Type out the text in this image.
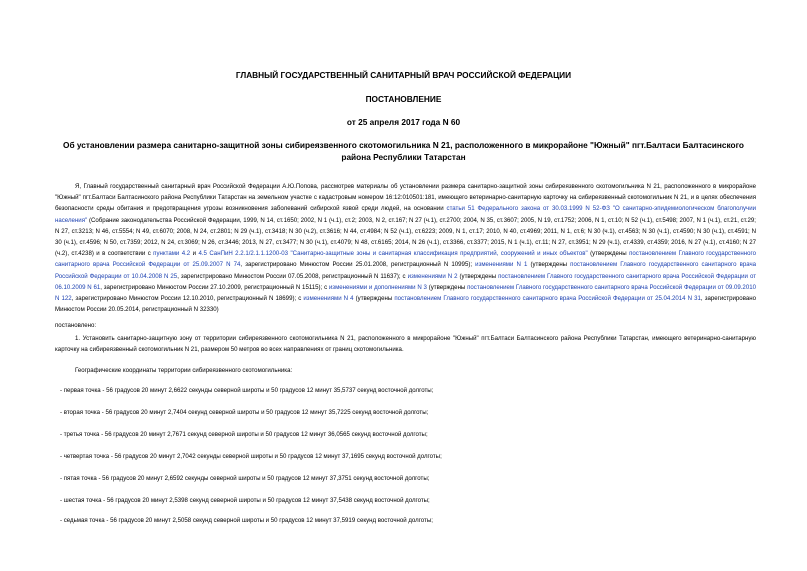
ГЛАВНЫЙ ГОСУДАРСТВЕННЫЙ САНИТАРНЫЙ ВРАЧ РОССИЙСКОЙ ФЕДЕРАЦИИ
ПОСТАНОВЛЕНИЕ
от 25 апреля 2017 года N 60
Об установлении размера санитарно-защитной зоны сибиреязвенного скотомогильника N 21, расположенного в микрорайоне "Южный" пгт.Балтаси Балтасинского района Республики Татарстан

Я, Главный государственный санитарный врач Российской Федерации А.Ю.Попова, рассмотрев материалы об установлении размера санитарно-защитной зоны сибиреязвенного скотомогильника N 21, расположенного в микрорайоне "Южный" пгт.Балтаси Балтасинского района Республики Татарстан на земельном участке с кадастровым номером 16:12:010501:181, имеющего ветеринарно-санитарную карточку на сибиреязвенный скотомогильник N 21, и в целях обеспечения безопасности среды обитания и предотвращения угрозы возникновения заболеваний сибирской язвой среди людей, на основании статьи 51 Федерального закона от 30.03.1999 N 52-ФЗ "О санитарно-эпидемиологическом благополучии населения" (Собрание законодательства Российской Федерации, 1999, N 14, ст.1650; 2002, N 1 (ч.1), ст.2; 2003, N 2, ст.167; N 27 (ч.1), ст.2700; 2004, N 35, ст.3607; 2005, N 19, ст.1752; 2006, N 1, ст.10; N 52 (ч.1), ст.5498; 2007, N 1 (ч.1), ст.21, ст.29; N 27, ст.3213; N 46, ст.5554; N 49, ст.6070; 2008, N 24, ст.2801; N 29 (ч.1), ст.3418; N 30 (ч.2), ст.3616; N 44, ст.4984; N 52 (ч.1), ст.6223; 2009, N 1, ст.17; 2010, N 40, ст.4969; 2011, N 1, ст.6; N 30 (ч.1), ст.4563; N 30 (ч.1), ст.4590; N 30 (ч.1), ст.4591; N 30 (ч.1), ст.4596; N 50, ст.7359; 2012, N 24, ст.3069; N 26, ст.3446; 2013, N 27, ст.3477; N 30 (ч.1), ст.4079; N 48, ст.6165; 2014, N 26 (ч.1), ст.3366, ст.3377; 2015, N 1 (ч.1), ст.11; N 27, ст.3951; N 29 (ч.1), ст.4339, ст.4359; 2016, N 27 (ч.1), ст.4160; N 27 (ч.2), ст.4238) и в соответствии с пунктами 4.2 и 4.5 СанПиН 2.2.1/2.1.1.1200-03 "Санитарно-защитные зоны и санитарная классификация предприятий, сооружений и иных объектов" (утверждены постановлением Главного государственного санитарного врача Российской Федерации от 25.09.2007 N 74, зарегистрировано Минюстом России 25.01.2008, регистрационный N 10995); изменениями N 1 (утверждены постановлением Главного государственного санитарного врача Российской Федерации от 10.04.2008 N 25, зарегистрировано Минюстом России 07.05.2008, регистрационный N 11637); с изменениями N 2 (утверждены постановлением Главного государственного санитарного врача Российской Федерации от 06.10.2009 N 61, зарегистрировано Минюстом России 27.10.2009, регистрационный N 15115); с изменениями и дополнениями N 3 (утверждены постановлением Главного государственного санитарного врача Российской Федерации от 09.09.2010 N 122, зарегистрировано Минюстом России 12.10.2010, регистрационный N 18699); с изменениями N 4 (утверждены постановлением Главного государственного санитарного врача Российской Федерации от 25.04.2014 N 31, зарегистрировано Минюстом России 20.05.2014, регистрационный N 32330)

постановлено:
1. Установить санитарно-защитную зону от территории сибиреязвенного скотомогильника N 21, расположенного в микрорайоне "Южный" пгт.Балтаси Балтасинского района Республики Татарстан, имеющего ветеринарно-санитарную карточку на сибиреязвенный скотомогильник N 21, размером 50 метров во всех направлениях от границ скотомогильника.
Географические координаты территории сибиреязвенного скотомогильника:
- первая точка - 56 градусов 20 минут 2,6622 секунды северной широты и 50 градусов 12 минут 35,5737 секунд восточной долготы;
- вторая точка - 56 градусов 20 минут 2,7404 секунд северной широты и 50 градусов 12 минут 35,7225 секунд восточной долготы;
- третья точка - 56 градусов 20 минут 2,7671 секунд северной широты и 50 градусов 12 минут 36,0565 секунд восточной долготы;
- четвертая точка - 56 градусов 20 минут 2,7042 секунды северной широты и 50 градусов 12 минут 37,1695 секунд восточной долготы;
- пятая точка - 56 градусов 20 минут 2,6592 секунды северной широты и 50 градусов 12 минут 37,3751 секунд восточной долготы;
- шестая точка - 56 градусов 20 минут 2,5398 секунд северной широты и 50 градусов 12 минут 37,5438 секунд восточной долготы;
- седьмая точка - 56 градусов 20 минут 2,5058 секунд северной широты и 50 градусов 12 минут 37,5919 секунд восточной долготы;
